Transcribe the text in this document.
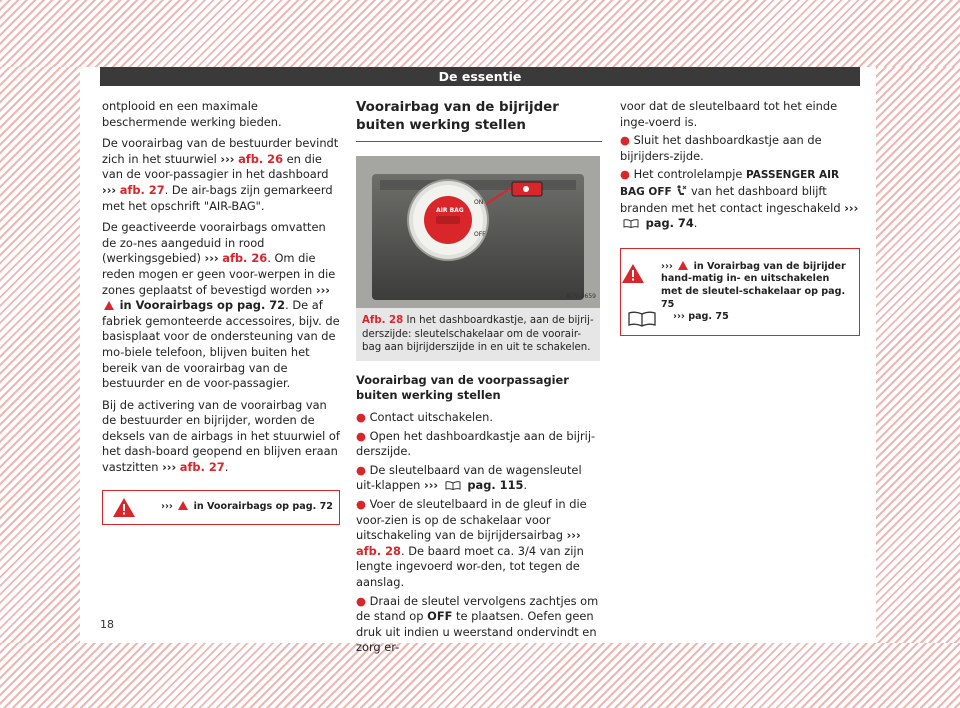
De essentie

ontplooid en een maximale beschermende werking bieden.

De voorairbag van de bestuurder bevindt zich in het stuurwiel ››› afb. 26 en die van de voor-passagier in het dashboard ››› afb. 27. De air-bags zijn gemarkeerd met het opschrift "AIR-BAG".

De geactiveerde voorairbags omvatten de zo-nes aangeduid in rood (werkingsgebied) ››› afb. 26. Om die reden mogen er geen voor-werpen in die zones geplaatst of bevestigd worden ›››  in Voorairbags op pag. 72. De af fabriek gemonteerde accessoires, bijv. de basisplaat voor de ondersteuning van de mo-biele telefoon, blijven buiten het bereik van de voorairbag van de bestuurder en de voor-passagier.

Bij de activering van de voorairbag van de bestuurder en bijrijder, worden de deksels van de airbags in het stuurwiel of het dash-board geopend en blijven eraan vastzitten ››› afb. 27.

››› in Voorairbags op pag. 72
Voorairbag van de bijrijder buiten werking stellen
AIR BAG
ON
OFF
B7V-0659
Afb. 28 In het dashboardkastje, aan de bijrij-derszijde: sleutelschakelaar om de voorair-bag aan bijrijderszijde in en uit te schakelen.

Voorairbag van de voorpassagier buiten werking stellen

● Contact uitschakelen.

● Open het dashboardkastje aan de bijrij-derszijde.

● De sleutelbaard van de wagensleutel uit-klappen ›››	pag. 115.

● Voer de sleutelbaard in de gleuf in die voor-zien is op de schakelaar voor uitschakeling van de bijrijdersairbag ››› afb. 28. De baard moet ca. 3/4 van zijn lengte ingevoerd wor-den, tot tegen de aanslag.

● Draai de sleutel vervolgens zachtjes om de stand op OFF te plaatsen. Oefen geen druk uit indien u weerstand ondervindt en zorg er-

voor dat de sleutelbaard tot het einde inge-voerd is.

● Sluit het dashboardkastje aan de bijrijders-zijde.

● Het controlelampje PASSENGER AIR BAG OFF van het dashboard blijft branden met het contact ingeschakeld ›››  pag. 74.

››› in Vorairbag van de bijrijder hand-matig in- en uitschakelen met de sleutel-schakelaar op pag. 75
››› pag. 75
18
